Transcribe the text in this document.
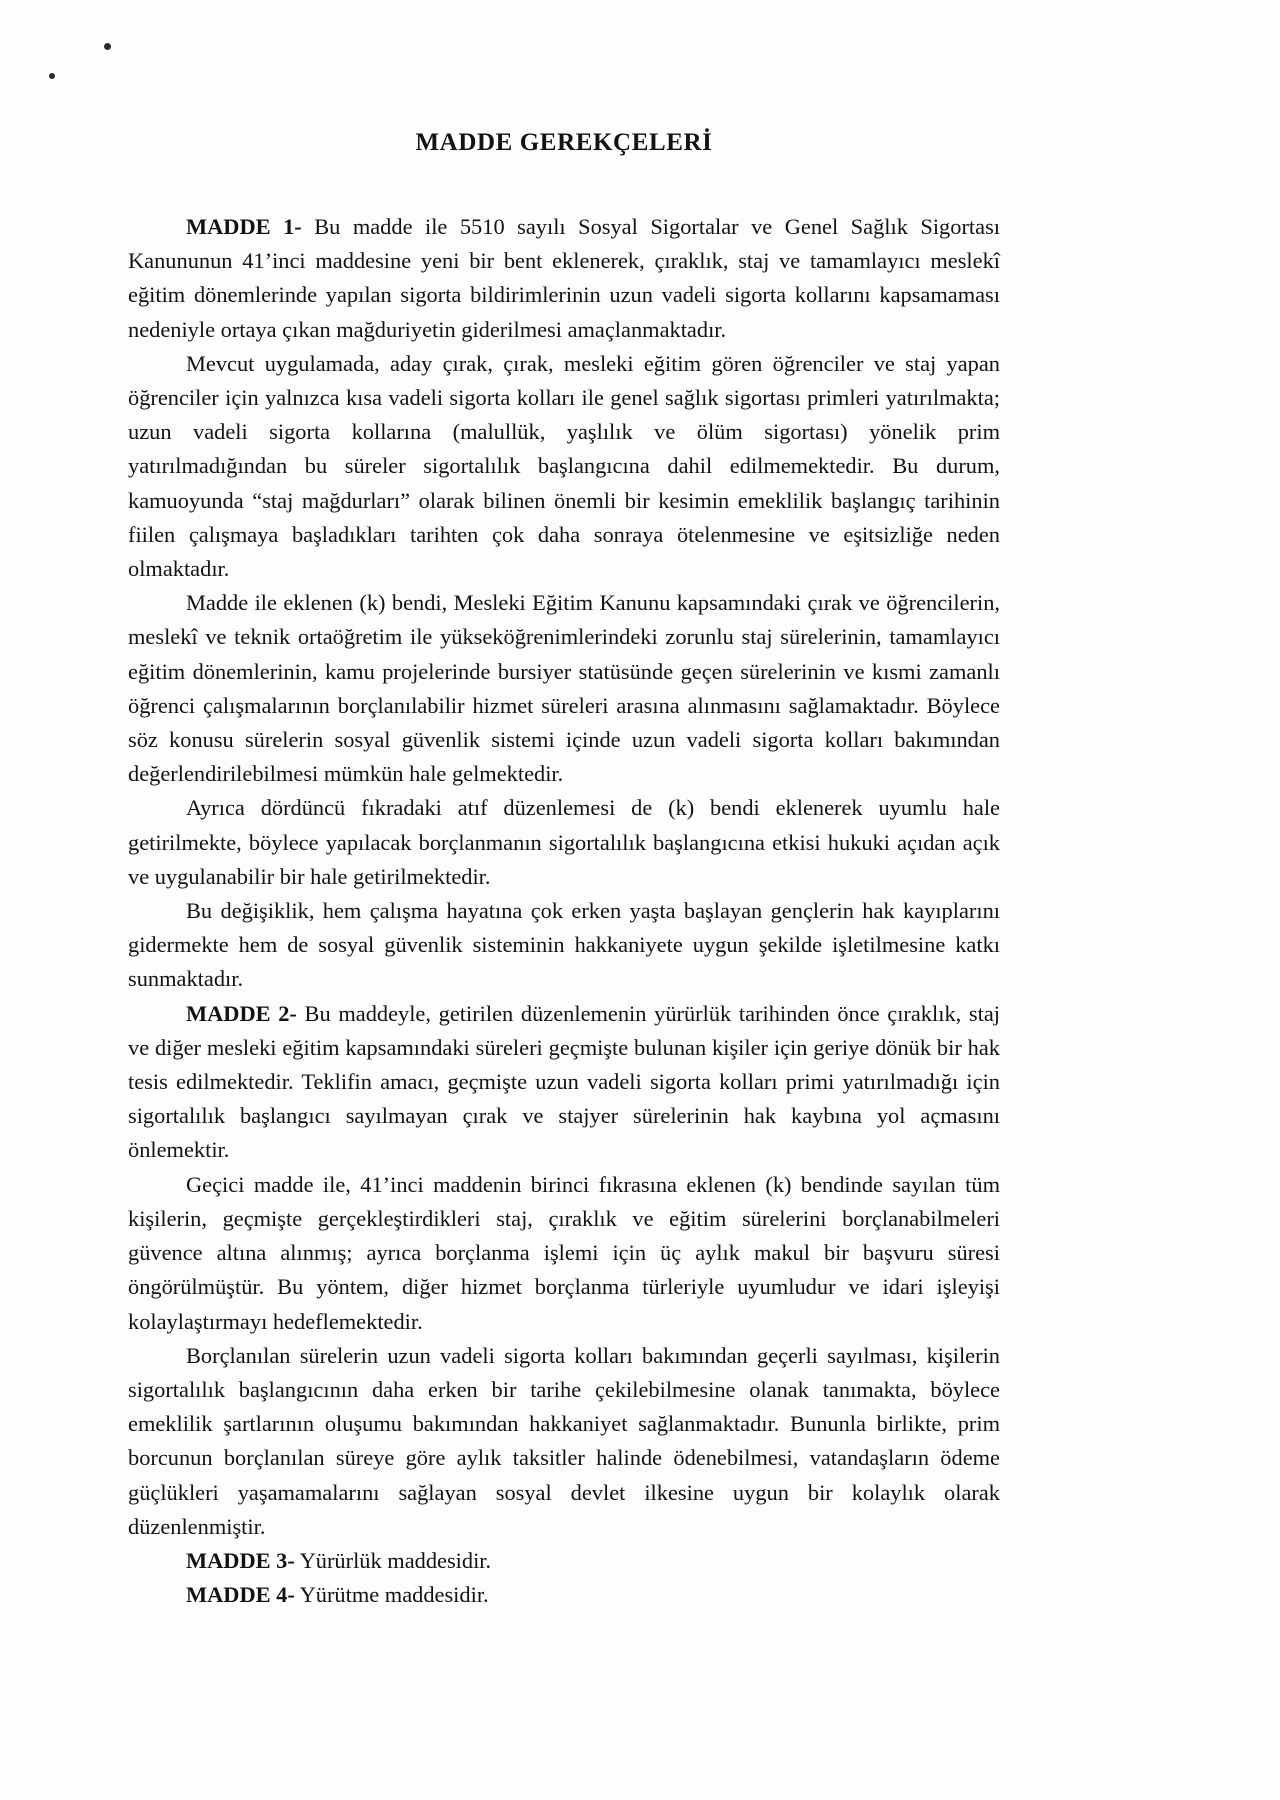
MADDE GEREKÇELERİ

MADDE 1- Bu madde ile 5510 sayılı Sosyal Sigortalar ve Genel Sağlık Sigortası Kanununun 41’inci maddesine yeni bir bent eklenerek, çıraklık, staj ve tamamlayıcı meslekî eğitim dönemlerinde yapılan sigorta bildirimlerinin uzun vadeli sigorta kollarını kapsamaması nedeniyle ortaya çıkan mağduriyetin giderilmesi amaçlanmaktadır.

Mevcut uygulamada, aday çırak, çırak, mesleki eğitim gören öğrenciler ve staj yapan öğrenciler için yalnızca kısa vadeli sigorta kolları ile genel sağlık sigortası primleri yatırılmakta; uzun vadeli sigorta kollarına (malullük, yaşlılık ve ölüm sigortası) yönelik prim yatırılmadığından bu süreler sigortalılık başlangıcına dahil edilmemektedir. Bu durum, kamuoyunda “staj mağdurları” olarak bilinen önemli bir kesimin emeklilik başlangıç tarihinin fiilen çalışmaya başladıkları tarihten çok daha sonraya ötelenmesine ve eşitsizliğe neden olmaktadır.

Madde ile eklenen (k) bendi, Mesleki Eğitim Kanunu kapsamındaki çırak ve öğrencilerin, meslekî ve teknik ortaöğretim ile yükseköğrenimlerindeki zorunlu staj sürelerinin, tamamlayıcı eğitim dönemlerinin, kamu projelerinde bursiyer statüsünde geçen sürelerinin ve kısmi zamanlı öğrenci çalışmalarının borçlanılabilir hizmet süreleri arasına alınmasını sağlamaktadır. Böylece söz konusu sürelerin sosyal güvenlik sistemi içinde uzun vadeli sigorta kolları bakımından değerlendirilebilmesi mümkün hale gelmektedir.

Ayrıca dördüncü fıkradaki atıf düzenlemesi de (k) bendi eklenerek uyumlu hale getirilmekte, böylece yapılacak borçlanmanın sigortalılık başlangıcına etkisi hukuki açıdan açık ve uygulanabilir bir hale getirilmektedir.

Bu değişiklik, hem çalışma hayatına çok erken yaşta başlayan gençlerin hak kayıplarını gidermekte hem de sosyal güvenlik sisteminin hakkaniyete uygun şekilde işletilmesine katkı sunmaktadır.

MADDE 2- Bu maddeyle, getirilen düzenlemenin yürürlük tarihinden önce çıraklık, staj ve diğer mesleki eğitim kapsamındaki süreleri geçmişte bulunan kişiler için geriye dönük bir hak tesis edilmektedir. Teklifin amacı, geçmişte uzun vadeli sigorta kolları primi yatırılmadığı için sigortalılık başlangıcı sayılmayan çırak ve stajyer sürelerinin hak kaybına yol açmasını önlemektir.

Geçici madde ile, 41’inci maddenin birinci fıkrasına eklenen (k) bendinde sayılan tüm kişilerin, geçmişte gerçekleştirdikleri staj, çıraklık ve eğitim sürelerini borçlanabilmeleri güvence altına alınmış; ayrıca borçlanma işlemi için üç aylık makul bir başvuru süresi öngörülmüştür. Bu yöntem, diğer hizmet borçlanma türleriyle uyumludur ve idari işleyişi kolaylaştırmayı hedeflemektedir.

Borçlanılan sürelerin uzun vadeli sigorta kolları bakımından geçerli sayılması, kişilerin sigortalılık başlangıcının daha erken bir tarihe çekilebilmesine olanak tanımakta, böylece emeklilik şartlarının oluşumu bakımından hakkaniyet sağlanmaktadır. Bununla birlikte, prim borcunun borçlanılan süreye göre aylık taksitler halinde ödenebilmesi, vatandaşların ödeme güçlükleri yaşamamalarını sağlayan sosyal devlet ilkesine uygun bir kolaylık olarak düzenlenmiştir.

MADDE 3- Yürürlük maddesidir.

MADDE 4- Yürütme maddesidir.
